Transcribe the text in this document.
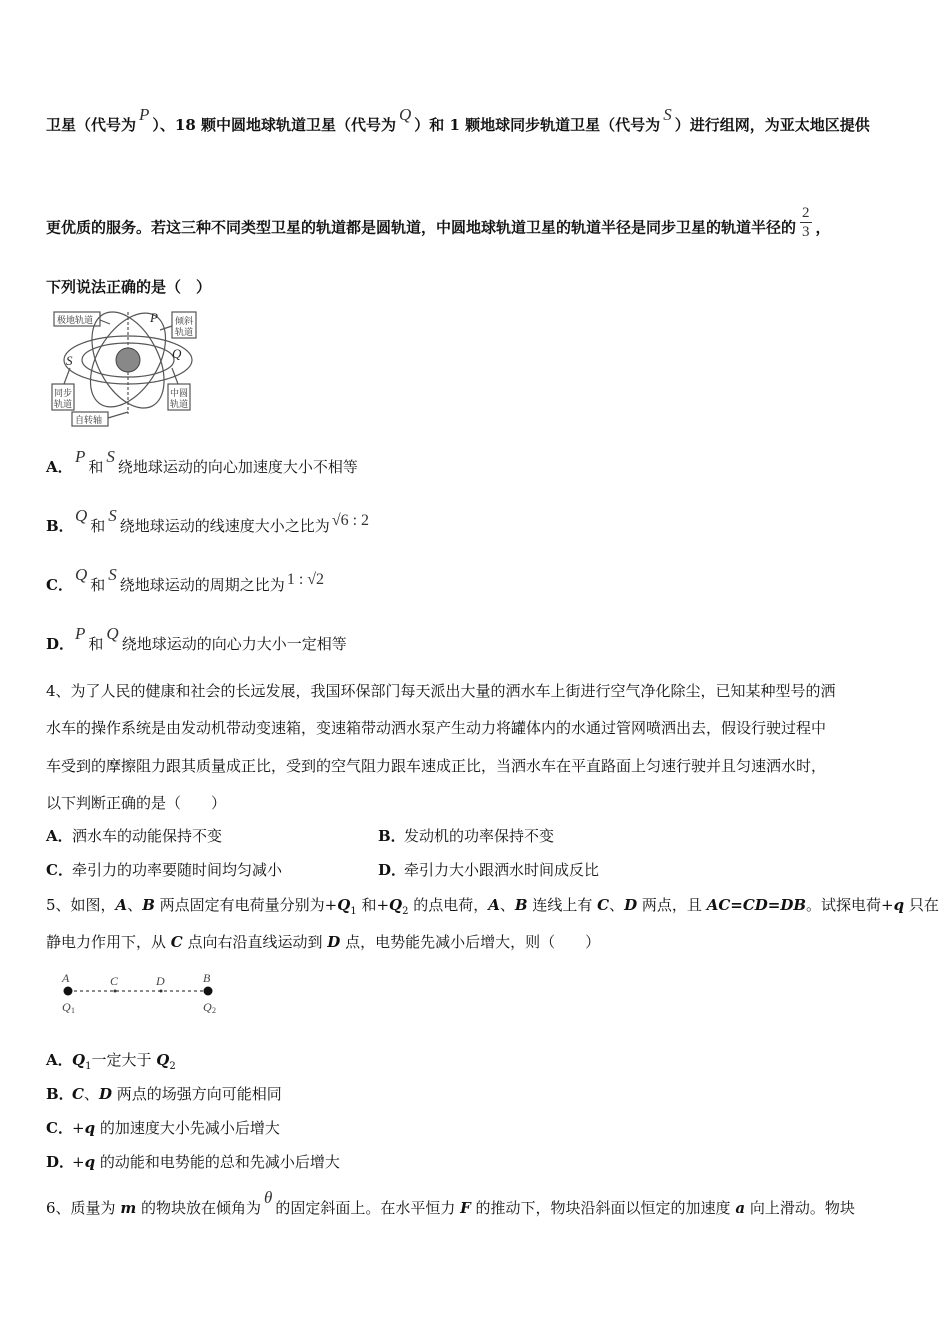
卫星（代号为P）、18 颗中圆地球轨道卫星（代号为Q）和 1 颗地球同步轨道卫星（代号为S）进行组网，为亚太地区提供
更优质的服务。若这三种不同类型卫星的轨道都是圆轨道，中圆地球轨道卫星的轨道半径是同步卫星的轨道半径的 $\frac{2}{3}$ ，
下列说法正确的是（　）
极地轨道	倾斜
轨道
同步
轨道
中圆
轨道
自转轴
P
S	Q
A．P和S绕地球运动的向心加速度大小不相等
B．Q和S绕地球运动的线速度大小之比为 √6 : 2
C．Q和S绕地球运动的周期之比为 1 : √2
D．P和Q绕地球运动的向心力大小一定相等
4、为了人民的健康和社会的长远发展，我国环保部门每天派出大量的洒水车上街进行空气净化除尘，已知某种型号的洒
水车的操作系统是由发动机带动变速箱，变速箱带动洒水泵产生动力将罐体内的水通过管网喷洒出去，假设行驶过程中
车受到的摩擦阻力跟其质量成正比，受到的空气阻力跟车速成正比，当洒水车在平直路面上匀速行驶并且匀速洒水时，
以下判断正确的是（　　）
A．洒水车的动能保持不变	B．发动机的功率保持不变
C．牵引力的功率要随时间均匀减小	D．牵引力大小跟洒水时间成反比
5、如图，A、B 两点固定有电荷量分别为$+Q_1$ 和$+Q_2$ 的点电荷，A、B 连线上有 C、D 两点，且 AC=CD=DB。试探电荷+q 只在
静电力作用下，从 C 点向右沿直线运动到 D 点，电势能先减小后增大，则（　　）
A	C	D	B
Q	Q
1	2
A．$Q_1$一定大于 $Q_2$
B．C、D 两点的场强方向可能相同
C．+q 的加速度大小先减小后增大
D．+q 的动能和电势能的总和先减小后增大
6、质量为 m 的物块放在倾角为θ的固定斜面上。在水平恒力 F 的推动下，物块沿斜面以恒定的加速度 a 向上滑动。物块
